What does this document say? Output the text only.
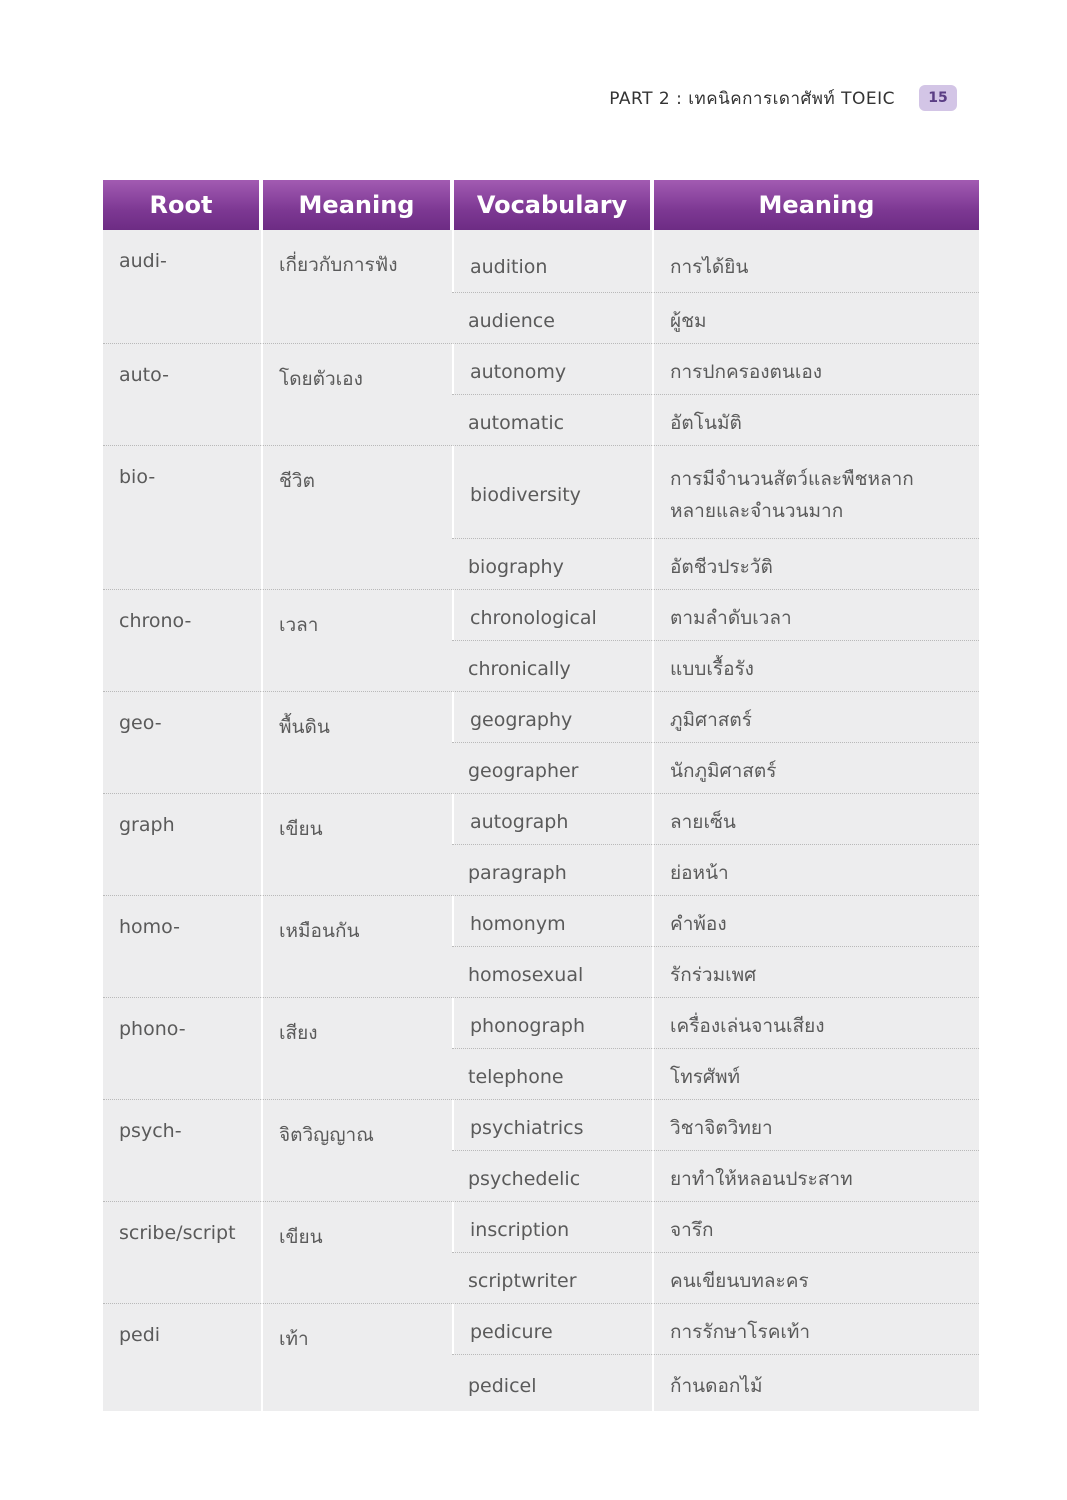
PART 2 : เทคนิคการเดาศัพท์ TOEIC	15
Root	Meaning	Vocabulary	Meaning
audi-	เกี่ยวกับการฟัง	audition	การได้ยิน
		audience	ผู้ชม
auto-	โดยตัวเอง	autonomy	การปกครองตนเอง
		automatic	อัตโนมัติ
bio-	ชีวิต	biodiversity	การมีจำนวนสัตว์และพืชหลากหลายและจำนวนมาก

		biography	อัตชีวประวัติ
chrono-	เวลา	chronological	ตามลำดับเวลา
		chronically	แบบเรื้อรัง
geo-	พื้นดิน	geography	ภูมิศาสตร์
		geographer	นักภูมิศาสตร์
graph	เขียน	autograph	ลายเซ็น
		paragraph	ย่อหน้า
homo-	เหมือนกัน	homonym	คำพ้อง
		homosexual	รักร่วมเพศ
phono-	เสียง	phonograph	เครื่องเล่นจานเสียง
		telephone	โทรศัพท์
psych-	จิตวิญญาณ	psychiatrics	วิชาจิตวิทยา
		psychedelic	ยาทำให้หลอนประสาท
scribe/script	เขียน	inscription	จารึก
		scriptwriter	คนเขียนบทละคร
pedi	เท้า	pedicure	การรักษาโรคเท้า
		pedicel	ก้านดอกไม้
